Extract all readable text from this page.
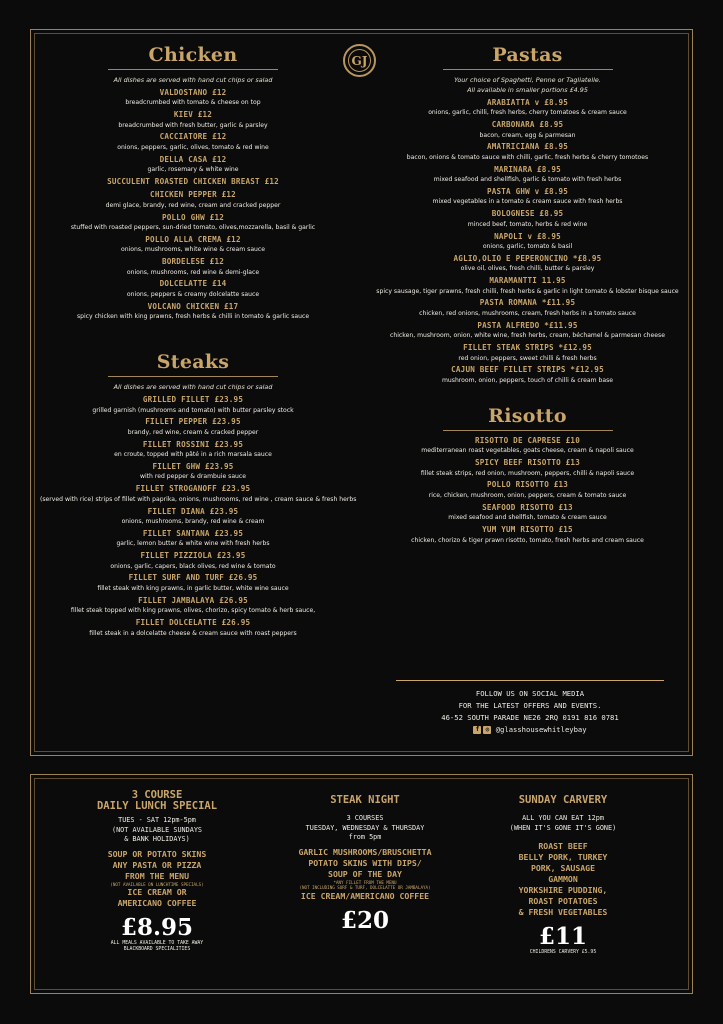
GJ
Chicken
All dishes are served with hand cut chips or salad
VALDOSTANO £12
breadcrumbed with tomato & cheese on top
KIEV £12
breadcrumbed with fresh butter, garlic & parsley
CACCIATORE £12
onions, peppers, garlic, olives, tomato & red wine
DELLA CASA £12
garlic, rosemary & white wine
SUCCULENT ROASTED CHICKEN BREAST £12
CHICKEN PEPPER £12
demi glace, brandy, red wine, cream and cracked pepper
POLLO GHW £12
stuffed with roasted peppers, sun-dried tomato, olives,mozzarella, basil & garlic
POLLO ALLA CREMA £12
onions, mushrooms, white wine & cream sauce
BORDELESE £12
onions, mushrooms, red wine & demi-glace
DOLCELATTE £14
onions, peppers & creamy dolcelatte sauce
VOLCANO CHICKEN £17
spicy chicken with king prawns, fresh herbs & chilli in tomato & garlic sauce
Steaks
All dishes are served with hand cut chips or salad
GRILLED FILLET £23.95
grilled garnish (mushrooms and tomato) with butter parsley stock
FILLET PEPPER £23.95
brandy, red wine, cream & cracked pepper
FILLET ROSSINI £23.95
en croute, topped with pâté in a rich marsala sauce
FILLET GHW £23.95
with red pepper & drambuie sauce
FILLET STROGANOFF £23.95
(served with rice) strips of fillet with paprika, onions, mushrooms, red wine , cream sauce & fresh herbs
FILLET DIANA £23.95
onions, mushrooms, brandy, red wine & cream
FILLET SANTANA £23.95
garlic, lemon butter & white wine with fresh herbs
FILLET PIZZIOLA £23.95
onions, garlic, capers, black olives, red wine & tomato
FILLET SURF AND TURF £26.95
fillet steak with king prawns, in garlic butter, white wine sauce
FILLET JAMBALAYA £26.95
fillet steak topped with king prawns, olives, chorizo, spicy tomato & herb sauce,
FILLET DOLCELATTE £26.95
fillet steak in a dolcelatte cheese & cream sauce with roast peppers
Pastas
Your choice of Spaghetti, Penne or Tagliatelle.
All available in smaller portions £4.95
ARABIATTA v £8.95
onions, garlic, chilli, fresh herbs, cherry tomatoes & cream sauce
CARBONARA £8.95
bacon, cream, egg & parmesan
AMATRICIANA £8.95
bacon, onions & tomato sauce with chilli, garlic, fresh herbs & cherry tomotoes
MARINARA £8.95
mixed seafood and shellfish, garlic & tomato with fresh herbs
PASTA GHW v £8.95
mixed vegetables in a tomato & cream sauce with fresh herbs
BOLOGNESE £8.95
minced beef, tomato, herbs & red wine
NAPOLI v £8.95
onions, garlic, tomato & basil
AGLIO,OLIO E PEPERONCINO *£8.95
olive oil, olives, fresh chilli, butter & parsley
MARAMANTTI 11.95
spicy sausage, tiger prawns, fresh chilli, fresh herbs & garlic in light tomato & lobster bisque sauce
PASTA ROMANA *£11.95
chicken, red onions, mushrooms, cream, fresh herbs in a tomato sauce
PASTA ALFREDO *£11.95
chicken, mushroom, onion, white wine, fresh herbs, cream, béchamel & parmesan cheese
FILLET STEAK STRIPS *£12.95
red onion, peppers, sweet chilli & fresh herbs
CAJUN BEEF FILLET STRIPS *£12.95
mushroom, onion, peppers, touch of chilli & cream base
Risotto
RISOTTO DE CAPRESE £10
mediterranean roast vegetables, goats cheese, cream & napoli sauce
SPICY BEEF RISOTTO £13
fillet steak strips, red onion, mushroom, peppers, chilli & napoli sauce
POLLO RISOTTO £13
rice, chicken, mushroom, onion, peppers, cream & tomato sauce
SEAFOOD RISOTTO £13
mixed seafood and shellfish, tomato & cream sauce
YUM YUM RISOTTO £15
chicken, chorizo & tiger prawn risotto, tomato, fresh herbs and cream sauce
FOLLOW US ON SOCIAL MEDIA
FOR THE LATEST OFFERS AND EVENTS.
46-52 SOUTH PARADE NE26 2RQ 0191 816 0781
f	◎ @glasshousewhitleybay
3 COURSE
DAILY LUNCH SPECIAL
TUES - SAT 12pm-5pm
(NOT AVAILABLE SUNDAYS
& BANK HOLIDAYS)
SOUP OR POTATO SKINS
ANY PASTA OR PIZZA
FROM THE MENU
(NOT AVAILABLE ON LUNCHTIME SPECIALS)
ICE CREAM OR
AMERICANO COFFEE
£8.95
ALL MEALS AVAILABLE TO TAKE AWAY
BLACKBOARD SPECIALITIES
STEAK NIGHT
3 COURSES
TUESDAY, WEDNESDAY & THURSDAY
from 5pm
GARLIC MUSHROOMS/BRUSCHETTA
POTATO SKINS WITH DIPS/
SOUP OF THE DAY
*ANY FILLET FROM THE MENU
(NOT INCLUDING SURF & TURF, DOLCELATTE OR JAMBALAYA)
ICE CREAM/AMERICANO COFFEE
£20
SUNDAY CARVERY
ALL YOU CAN EAT 12pm
(WHEN IT'S GONE IT'S GONE)
ROAST BEEF
BELLY PORK, TURKEY
PORK, SAUSAGE
GAMMON
YORKSHIRE PUDDING,
ROAST POTATOES
& FRESH VEGETABLES
£11
CHILDRENS CARVERY £5.95
